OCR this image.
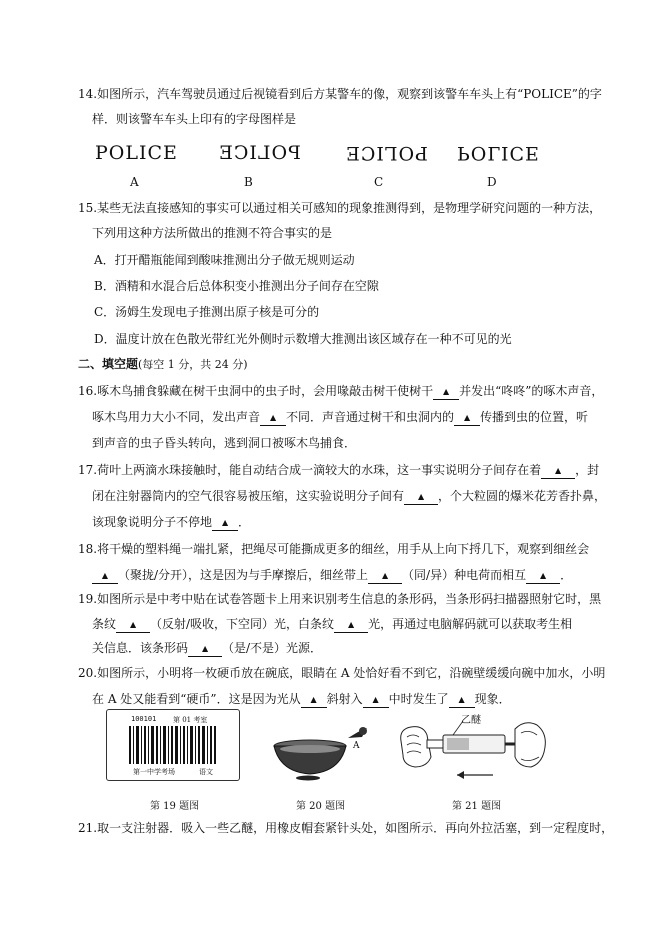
14.如图所示，汽车驾驶员通过后视镜看到后方某警车的像，观察到该警车车头上有“POLICE”的字
样．则该警车车头上印有的字母图样是
POLICE POLICE POLICE POLICE
A	B	C	D
15.某些无法直接感知的事实可以通过相关可感知的现象推测得到，是物理学研究问题的一种方法，
下列用这种方法所做出的推测不符合事实的是
A．打开醋瓶能闻到酸味推测出分子做无规则运动
B．酒精和水混合后总体积变小推测出分子间存在空隙
C．汤姆生发现电子推测出原子核是可分的
D．温度计放在色散光带红光外侧时示数增大推测出该区域存在一种不可见的光
二、填空题(每空 1 分，共 24 分)
16.啄木鸟捕食躲藏在树干虫洞中的虫子时，会用喙敲击树干使树干 ▲ 并发出“咚咚”的啄木声音，
啄木鸟用力大小不同，发出声音 ▲ 不同．声音通过树干和虫洞内的 ▲ 传播到虫的位置，听
到声音的虫子昏头转向，逃到洞口被啄木鸟捕食．
17.荷叶上两滴水珠接触时，能自动结合成一滴较大的水珠，这一事实说明分子间存在着 ▲	，封
闭在注射器筒内的空气很容易被压缩，这实验说明分子间有 ▲	，个大粒圆的爆米花芳香扑鼻，
该现象说明分子不停地 ▲ ．
18.将干燥的塑料绳一端扎紧，把绳尽可能撕成更多的细丝，用手从上向下捋几下，观察到细丝会
▲（聚拢/分开），这是因为与手摩擦后，细丝带上 ▲	（同/异）种电荷而相互 ▲	．
19.如图所示是中考中贴在试卷答题卡上用来识别考生信息的条形码，当条形码扫描器照射它时，黑
条纹 ▲	（反射/吸收，下空同）光，白条纹 ▲	光，再通过电脑解码就可以获取考生相
关信息．该条形码 ▲	（是/不是）光源．
20.如图所示，小明将一枚硬币放在碗底，眼睛在 A 处恰好看不到它，沿碗壁缓缓向碗中加水，小明
在 A 处又能看到“硬币”．这是因为光从 ▲ 斜射入 ▲ 中时发生了 ▲ 现象．
100101 第 01 考室
第一中学考场	语文
A
乙醚
第 19 题图	第 20 题图	第 21 题图
21.取一支注射器．吸入一些乙醚，用橡皮帽套紧针头处，如图所示．再向外拉活塞，到一定程度时，
